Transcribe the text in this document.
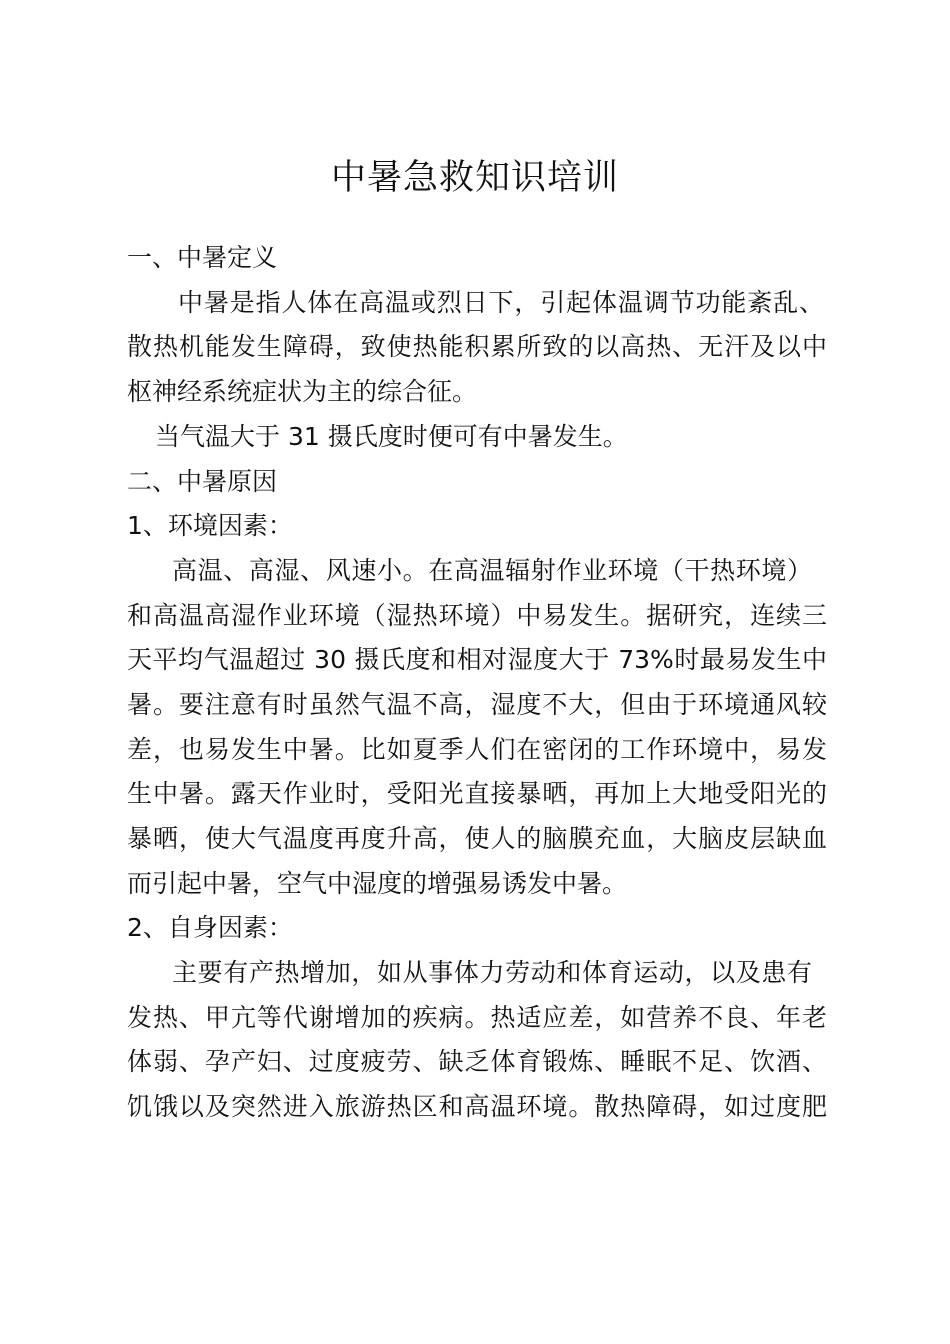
中暑急救知识培训
一、中暑定义
中暑是指人体在高温或烈日下，引起体温调节功能紊乱、
散热机能发生障碍，致使热能积累所致的以高热、无汗及以中
枢神经系统症状为主的综合征。
当气温大于 31 摄氏度时便可有中暑发生。
二、中暑原因
1、环境因素：
高温、高湿、风速小。在高温辐射作业环境（干热环境）
和高温高湿作业环境（湿热环境）中易发生。据研究，连续三
天平均气温超过 30 摄氏度和相对湿度大于 73%时最易发生中
暑。要注意有时虽然气温不高，湿度不大，但由于环境通风较
差，也易发生中暑。比如夏季人们在密闭的工作环境中，易发
生中暑。露天作业时，受阳光直接暴晒，再加上大地受阳光的
暴晒，使大气温度再度升高，使人的脑膜充血，大脑皮层缺血
而引起中暑，空气中湿度的增强易诱发中暑。
2、自身因素：
主要有产热增加，如从事体力劳动和体育运动，以及患有
发热、甲亢等代谢增加的疾病。热适应差，如营养不良、年老
体弱、孕产妇、过度疲劳、缺乏体育锻炼、睡眠不足、饮酒、
饥饿以及突然进入旅游热区和高温环境。散热障碍，如过度肥
